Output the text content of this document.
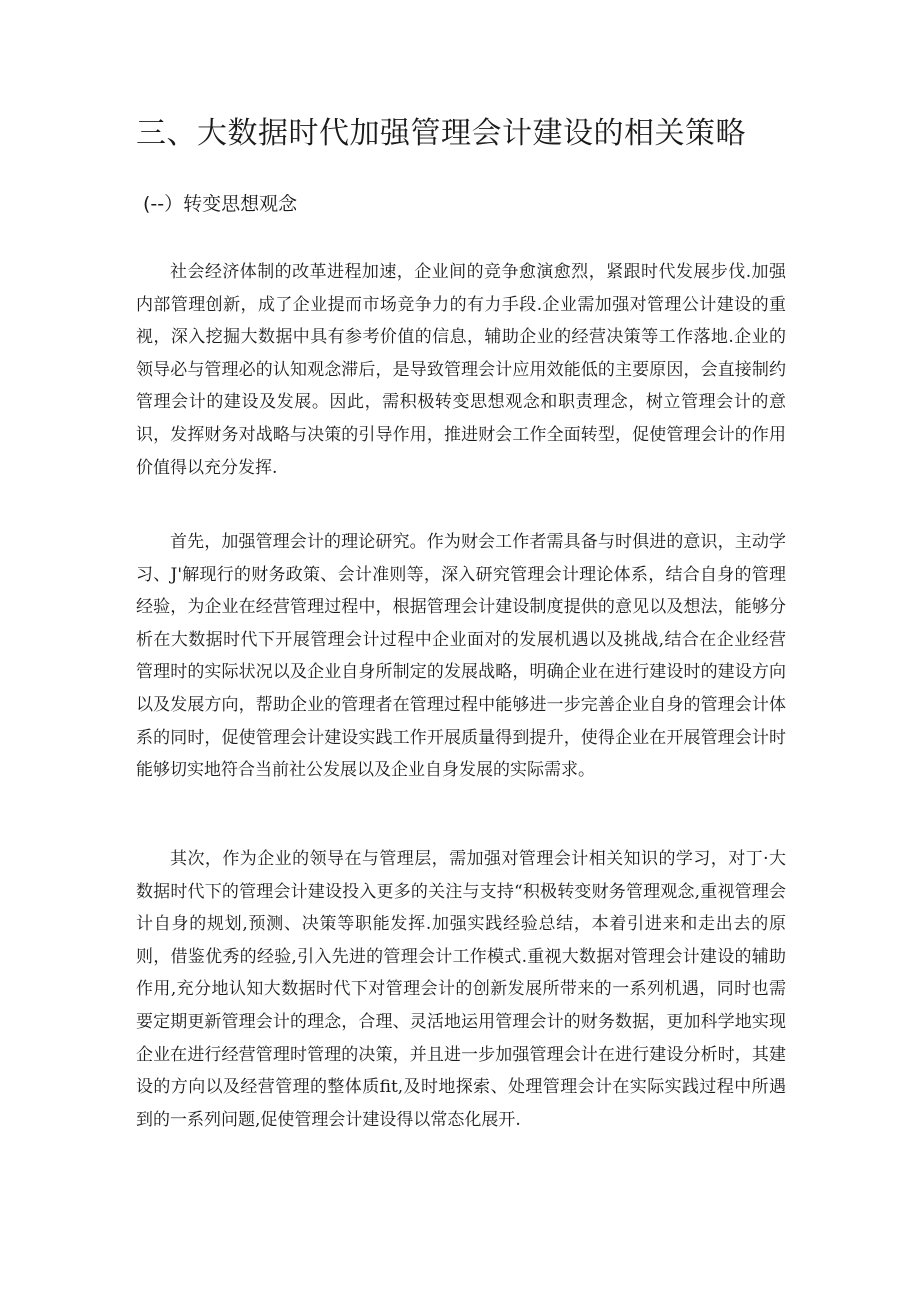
三、大数据时代加强管理会计建设的相关策略
(--）转变思想观念

社会经济体制的改革进程加速，企业间的竞争愈演愈烈，紧跟时代发展步伐.加强内部管理创新，成了企业提而市场竞争力的有力手段.企业需加强对管理公计建设的重视，深入挖掘大数据中具有参考价值的信息，辅助企业的经营决策等工作落地.企业的领导必与管理必的认知观念滞后，是导致管理会计应用效能低的主要原因，会直接制约管理会计的建设及发展。因此，需积极转变思想观念和职责理念，树立管理会计的意识，发挥财务对战略与决策的引导作用，推进财会工作全面转型，促使管理会计的作用价值得以充分发挥.

首先，加强管理会计的理论研究。作为财会工作者需具备与时俱进的意识，主动学习、J'解现行的财务政策、会计准则等，深入研究管理会计理论体系，结合自身的管理经验，为企业在经营管理过程中，根据管理会计建设制度提供的意见以及想法，能够分析在大数据时代下开展管理会计过程中企业面对的发展机遇以及挑战,结合在企业经营管理时的实际状况以及企业自身所制定的发展战略，明确企业在进行建设时的建设方向以及发展方向，帮助企业的管理者在管理过程中能够进一步完善企业自身的管理会计体系的同时，促使管理会计建设实践工作开展质量得到提升，使得企业在开展管理会计时能够切实地符合当前社公发展以及企业自身发展的实际需求。

其次，作为企业的领导在与管理层，需加强对管理会计相关知识的学习，对丁·大数据时代下的管理会计建设投入更多的关注与支持“积极转变财务管理观念,重视管理会计自身的规划,预测、决策等职能发挥.加强实践经验总结，本着引进来和走出去的原则，借鉴优秀的经验,引入先进的管理会计工作模式.重视大数据对管理会计建设的辅助作用,充分地认知大数据时代下对管理会计的创新发展所带来的一系列机遇，同时也需要定期更新管理会计的理念，合理、灵活地运用管理会计的财务数据，更加科学地实现企业在进行经营管理时管理的决策，并且进一步加强管理会计在进行建设分析时，其建设的方向以及经营管理的整体质fit,及时地探索、处理管理会计在实际实践过程中所遇到的一系列问题,促使管理会计建设得以常态化展开.
